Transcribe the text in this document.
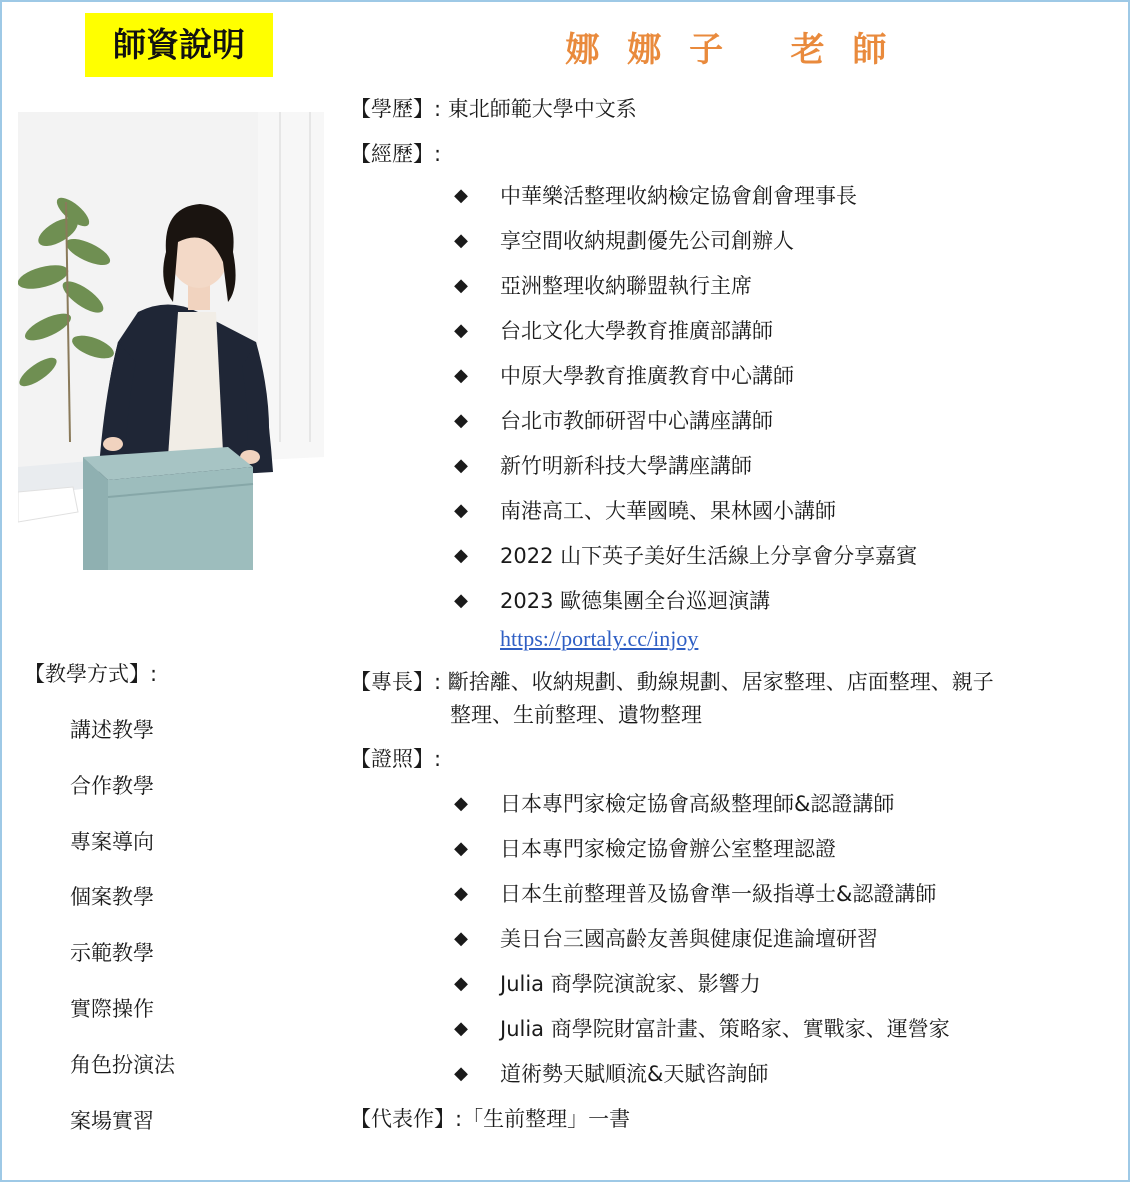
師資說明	娜 娜 子   老 師
【學歷】: 東北師範大學中文系
【經歷】:
◆ 中華樂活整理收納檢定協會創會理事長
◆ 享空間收納規劃優先公司創辦人
◆ 亞洲整理收納聯盟執行主席
◆ 台北文化大學教育推廣部講師
◆ 中原大學教育推廣教育中心講師
◆ 台北市教師研習中心講座講師
◆ 新竹明新科技大學講座講師
◆ 南港高工、大華國曉、果林國小講師
◆ 2022 山下英子美好生活線上分享會分享嘉賓
◆ 2023 歐德集團全台巡迴演講
https://portaly.cc/injoy
【專長】: 斷捨離、收納規劃、動線規劃、居家整理、店面整理、親子
整理、生前整理、遺物整理
【證照】:
◆ 日本專門家檢定協會高級整理師&認證講師
◆ 日本專門家檢定協會辦公室整理認證
◆ 日本生前整理普及協會準一級指導士&認證講師
◆ 美日台三國高齡友善與健康促進論壇研習
◆ Julia 商學院演說家、影響力
◆ Julia 商學院財富計畫、策略家、實戰家、運營家
◆ 道術勢天賦順流&天賦咨詢師
【代表作】:「生前整理」一書
【教學方式】:
講述教學
合作教學
專案導向
個案教學
示範教學
實際操作
角色扮演法
案場實習
